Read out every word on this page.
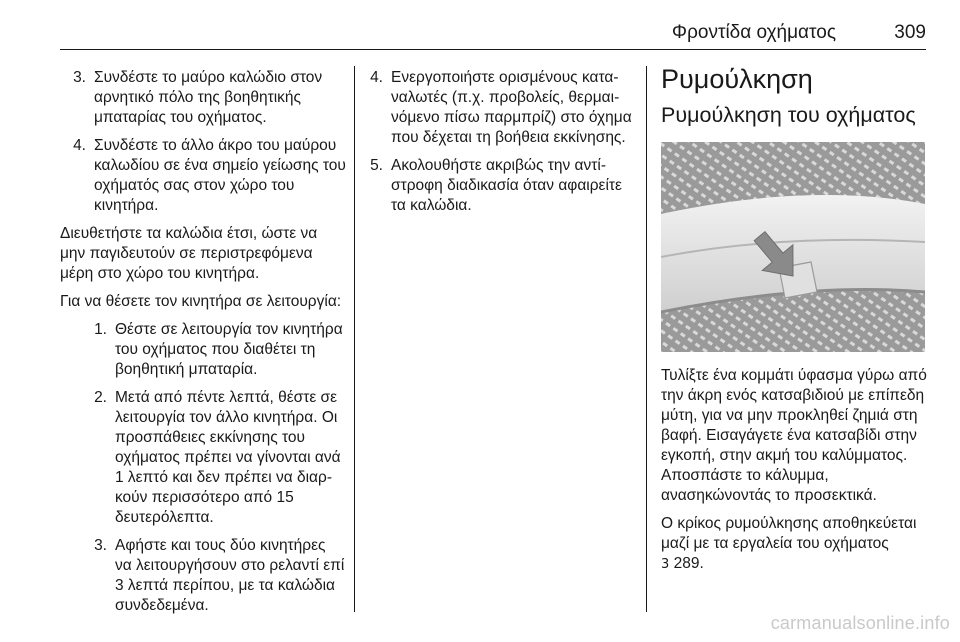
Φροντίδα οχήματος	309
3. Συνδέστε το μαύρο καλώδιο στον αρνητικό πόλο της βοηθητικής μπαταρίας του οχήματος.
4. Συνδέστε το άλλο άκρο του μαύρου καλωδίου σε ένα σημείο γείωσης του οχήματός σας στον χώρο του κινητήρα.

Διευθετήστε τα καλώδια έτσι, ώστε να μην παγιδευτούν σε περιστρεφόμενα μέρη στο χώρο του κινητήρα.

Για να θέσετε τον κινητήρα σε λειτουργία:

1. Θέστε σε λειτουργία τον κινητήρα του οχήματος που διαθέτει τη βοηθητική μπαταρία.
2. Μετά από πέντε λεπτά, θέστε σε λειτουργία τον άλλο κινητήρα. Οι προσπάθειες εκκίνησης του οχήματος πρέπει να γίνονται ανά 1 λεπτό και δεν πρέπει να διαρκούν περισσότερο από 15 δευτερόλεπτα.
3. Αφήστε και τους δύο κινητήρες να λειτουργήσουν στο ρελαντί επί 3 λεπτά περίπου, με τα καλώδια συνδεδεμένα.
4. Ενεργοποιήστε ορισμένους καταναλωτές (π.χ. προβολείς, θερμαινόμενο πίσω παρμπρίζ) στο όχημα που δέχεται τη βοήθεια εκκίνησης.
5. Ακολουθήστε ακριβώς την αντίστροφη διαδικασία όταν αφαιρείτε τα καλώδια.
Ρυμούλκηση
Ρυμούλκηση του οχήματος

Τυλίξτε ένα κομμάτι ύφασμα γύρω από την άκρη ενός κατσαβιδιού με επίπεδη μύτη, για να μην προκληθεί ζημιά στη βαφή. Εισαγάγετε ένα κατσαβίδι στην εγκοπή, στην ακμή του καλύμματος. Αποσπάστε το κάλυμμα, ανασηκώνοντάς το προσεκτικά.

Ο κρίκος ρυμούλκησης αποθηκεύεται μαζί με τα εργαλεία του οχήματος
3 289.

carmanualsonline.info
